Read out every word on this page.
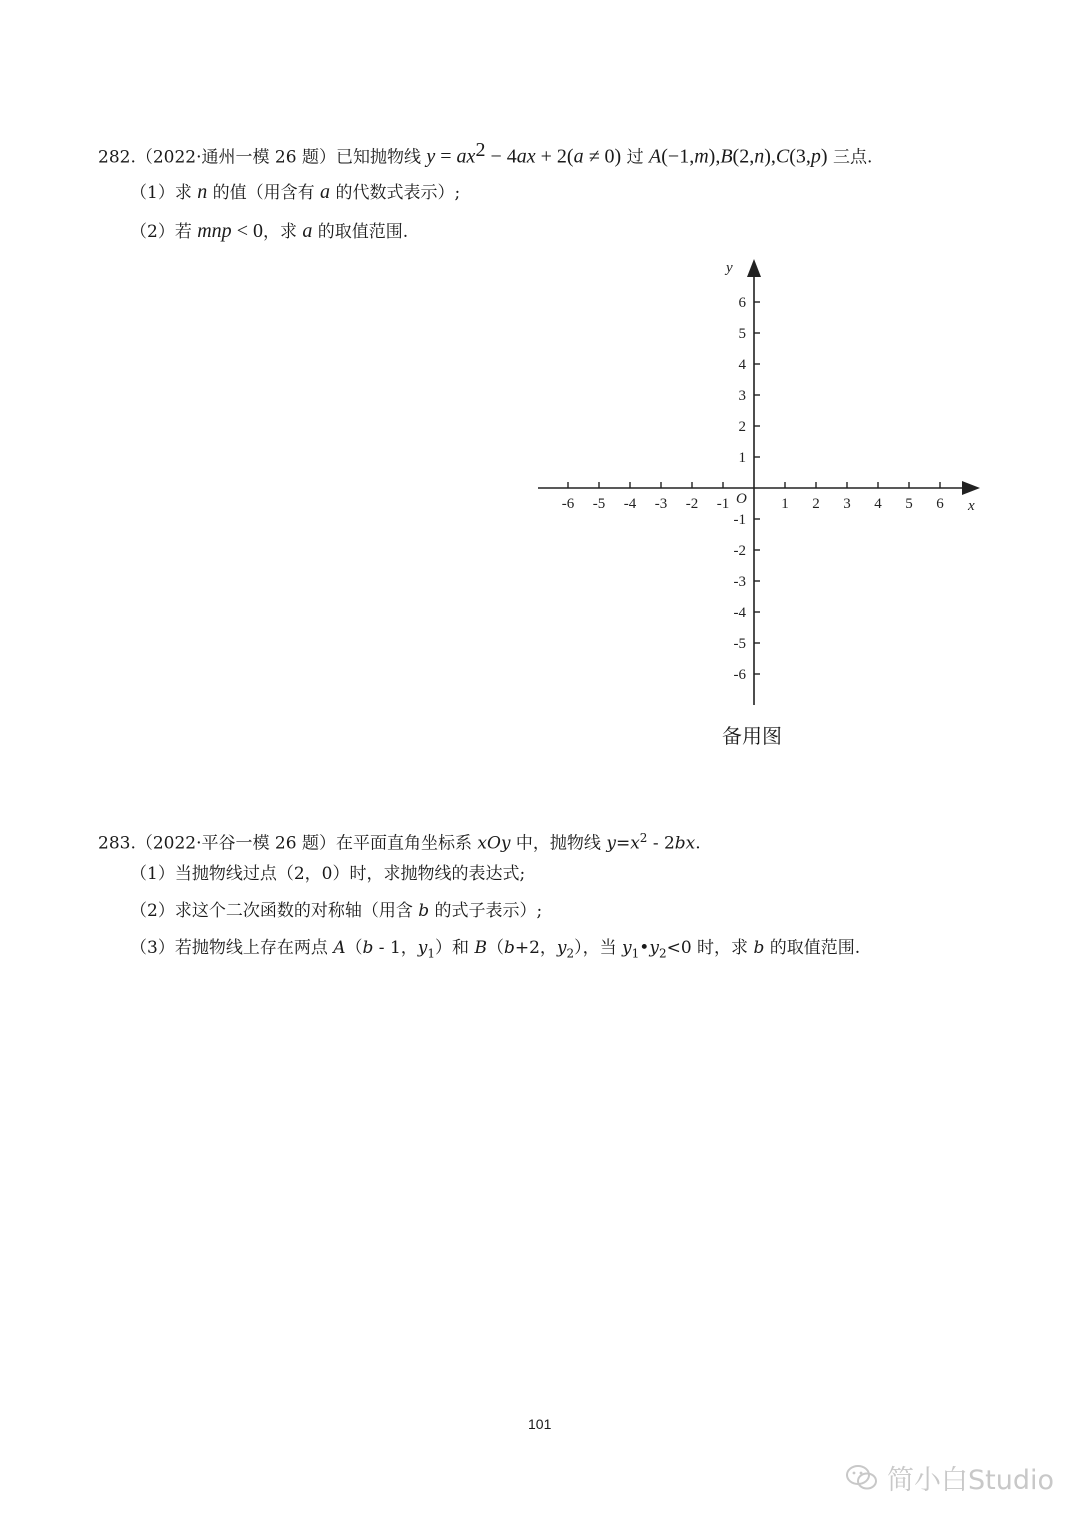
282.（2022·通州一模 26 题）已知抛物线 $y = ax^2 - 4ax + 2(a \ne 0)$ 过 A(−1,m),B(2,n),C(3,p) 三点.
（1）求 n 的值（用含有 a 的代数式表示）;
（2）若 mnp < 0，求 a 的取值范围.
x
y
O
-6 -5 -4 -3 -2 -1	1 2 3 4 5 6
6
5
4
3
2
1
-1
-2
-3
-4
-5
-6
备用图
283.（2022·平谷一模 26 题）在平面直角坐标系 xOy 中，抛物线 $y=x^2$ ‐ 2bx.
（1）当抛物线过点（2，0）时，求抛物线的表达式;
（2）求这个二次函数的对称轴（用含 b 的式子表示）;
（3）若抛物线上存在两点 A（b ‐ 1，$y_1$）和 B（b+2，$y_2$），当 $y_1•y_2<0$ 时，求 b 的取值范围.
101
简小白Studio
